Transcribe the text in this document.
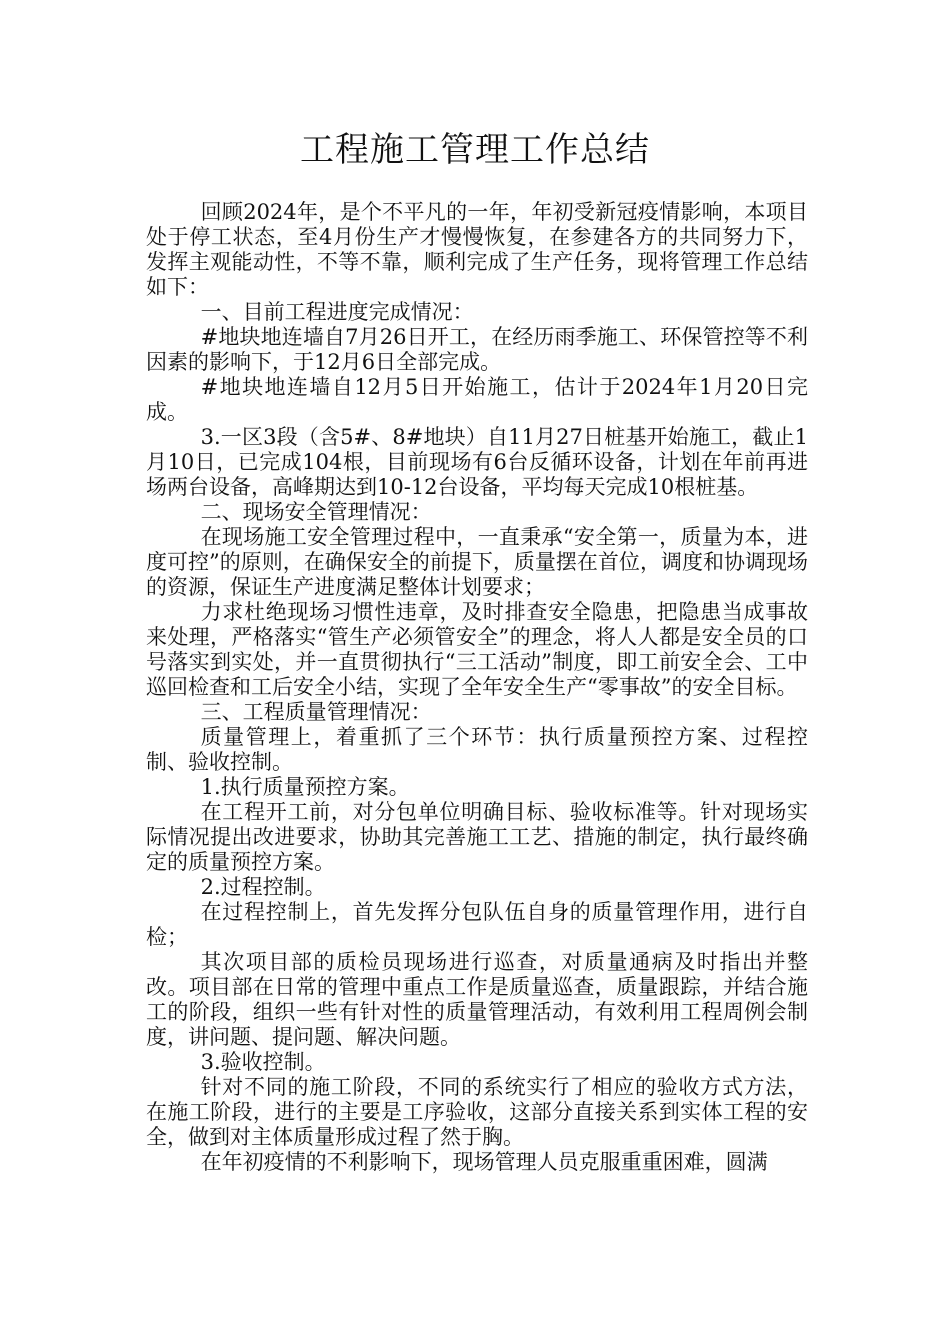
工程施工管理工作总结

回顾2024年，是个不平凡的一年，年初受新冠疫情影响，本项目处于停工状态，至4月份生产才慢慢恢复，在参建各方的共同努力下，发挥主观能动性，不等不靠，顺利完成了生产任务，现将管理工作总结如下：

一、目前工程进度完成情况：

#地块地连墙自7月26日开工，在经历雨季施工、环保管控等不利因素的影响下，于12月6日全部完成。

#地块地连墙自12月5日开始施工，估计于2024年1月20日完成。

3.一区3段（含5#、8#地块）自11月27日桩基开始施工，截止1月10日，已完成104根，目前现场有6台反循环设备，计划在年前再进场两台设备，高峰期达到10-12台设备，平均每天完成10根桩基。

二、现场安全管理情况：

在现场施工安全管理过程中，一直秉承“安全第一，质量为本，进度可控”的原则，在确保安全的前提下，质量摆在首位，调度和协调现场的资源，保证生产进度满足整体计划要求；

力求杜绝现场习惯性违章，及时排查安全隐患，把隐患当成事故来处理，严格落实“管生产必须管安全”的理念，将人人都是安全员的口号落实到实处，并一直贯彻执行“三工活动”制度，即工前安全会、工中巡回检查和工后安全小结，实现了全年安全生产“零事故”的安全目标。

三、工程质量管理情况：

质量管理上，着重抓了三个环节：执行质量预控方案、过程控制、验收控制。

1.执行质量预控方案。

在工程开工前，对分包单位明确目标、验收标准等。针对现场实际情况提出改进要求，协助其完善施工工艺、措施的制定，执行最终确定的质量预控方案。

2.过程控制。

在过程控制上，首先发挥分包队伍自身的质量管理作用，进行自检；

其次项目部的质检员现场进行巡查，对质量通病及时指出并整改。项目部在日常的管理中重点工作是质量巡查，质量跟踪，并结合施工的阶段，组织一些有针对性的质量管理活动，有效利用工程周例会制度，讲问题、提问题、解决问题。

3.验收控制。

针对不同的施工阶段，不同的系统实行了相应的验收方式方法，在施工阶段，进行的主要是工序验收，这部分直接关系到实体工程的安全，做到对主体质量形成过程了然于胸。

在年初疫情的不利影响下，现场管理人员克服重重困难，圆满
